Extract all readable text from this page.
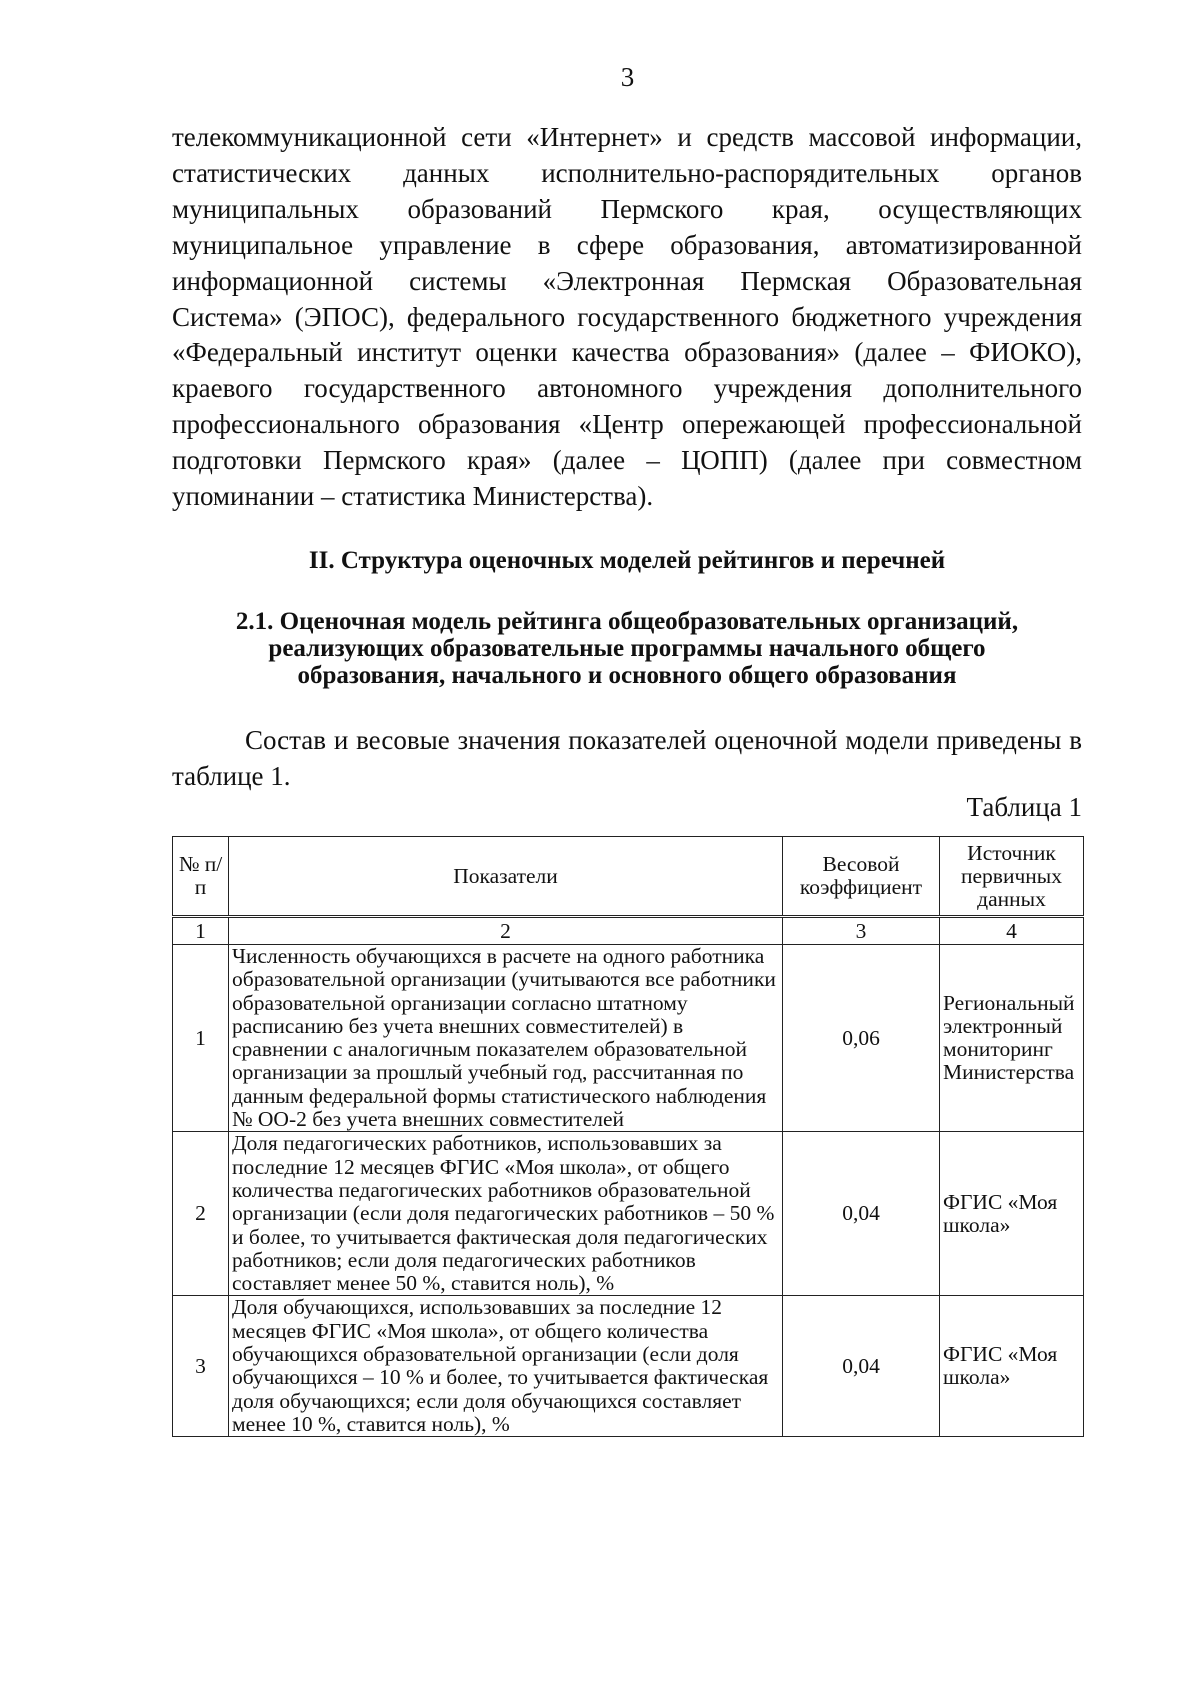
3

телекоммуникационной сети «Интернет» и средств массовой информации, статистических данных исполнительно-распорядительных органов муниципальных образований Пермского края, осуществляющих муниципальное управление в сфере образования, автоматизированной информационной системы «Электронная Пермская Образовательная Система» (ЭПОС), федерального государственного бюджетного учреждения «Федеральный институт оценки качества образования» (далее – ФИОКО), краевого государственного автономного учреждения дополнительного профессионального образования «Центр опережающей профессиональной подготовки Пермского края» (далее – ЦОПП) (далее при совместном упоминании – статистика Министерства).

II. Структура оценочных моделей рейтингов и перечней
2.1. Оценочная модель рейтинга общеобразовательных организаций,
реализующих образовательные программы начального общего
образования, начального и основного общего образования

Состав и весовые значения показателей оценочной модели приведены в таблице 1.

Таблица 1
№ п/п	Показатели	Весовой коэффициент	Источник первичных данных
1	2	3	4
1	Численность обучающихся в расчете на одного работника образовательной организации (учитываются все работники образовательной организации согласно штатному расписанию без учета внешних совместителей) в сравнении с аналогичным показателем образовательной организации за прошлый учебный год, рассчитанная по данным федеральной формы статистического наблюдения № ОО-2 без учета внешних совместителей	0,06	Региональный электронный мониторинг Министерства
2	Доля педагогических работников, использовавших за последние 12 месяцев ФГИС «Моя школа», от общего количества педагогических работников образовательной организации (если доля педагогических работников – 50 % и более, то учитывается фактическая доля педагогических работников; если доля педагогических работников составляет менее 50 %, ставится ноль), %	0,04	ФГИС «Моя школа»
3	Доля обучающихся, использовавших за последние 12 месяцев ФГИС «Моя школа», от общего количества обучающихся образовательной организации (если доля обучающихся – 10 % и более, то учитывается фактическая доля обучающихся; если доля обучающихся составляет менее 10 %, ставится ноль), %	0,04	ФГИС «Моя школа»
